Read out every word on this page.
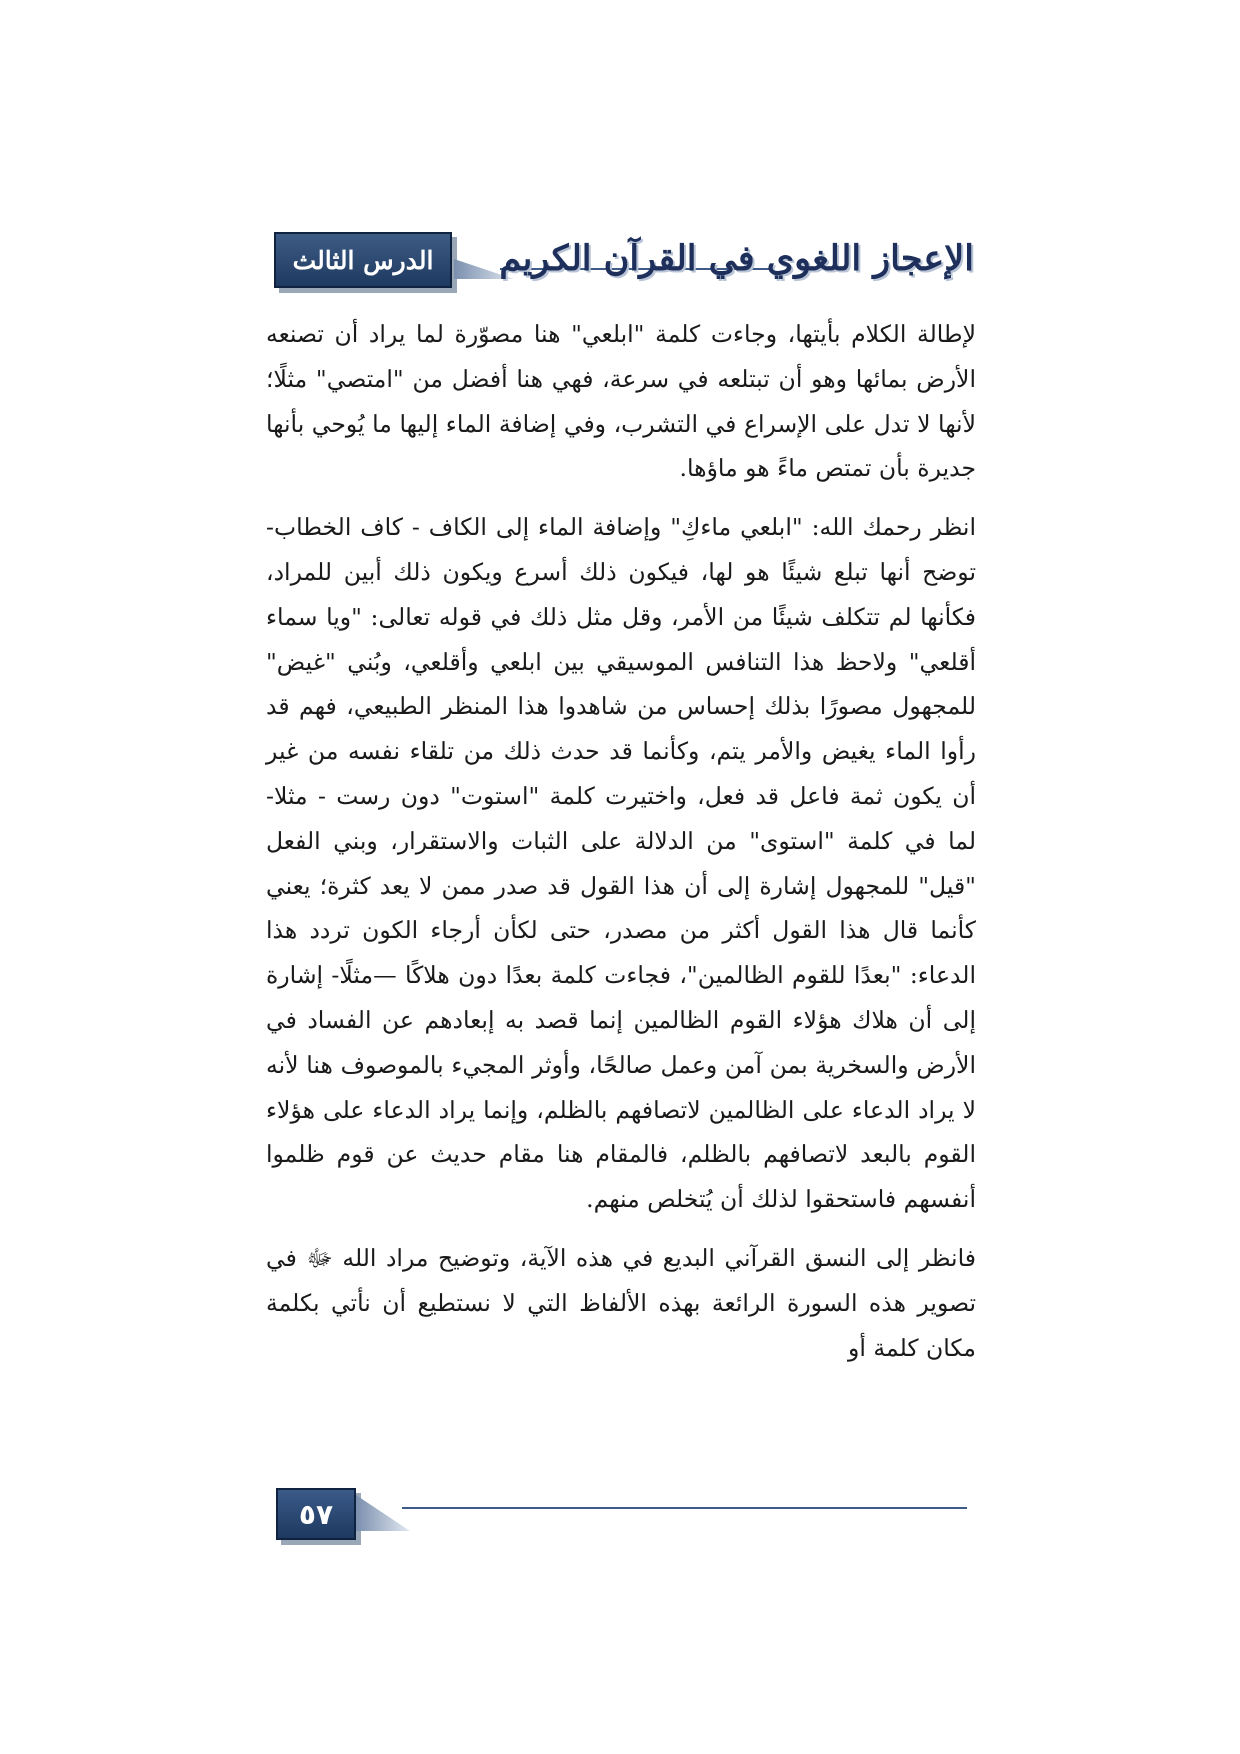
الدرس الثالث	الإعجاز اللغوي في القرآن الكريم

لإطالة الكلام بأيتها، وجاءت كلمة "ابلعي" هنا مصوّرة لما يراد أن تصنعه الأرض بمائها وهو أن تبتلعه في سرعة، فهي هنا أفضل من "امتصي" مثلًا؛ لأنها لا تدل على الإسراع في التشرب، وفي إضافة الماء إليها ما يُوحي بأنها جديرة بأن تمتص ماءً هو ماؤها.

انظر رحمك الله: "ابلعي ماءكِ" وإضافة الماء إلى الكاف - كاف الخطاب- توضح أنها تبلع شيئًا هو لها، فيكون ذلك أسرع ويكون ذلك أبين للمراد، فكأنها لم تتكلف شيئًا من الأمر، وقل مثل ذلك في قوله تعالى: "ويا سماء أقلعي" ولاحظ هذا التنافس الموسيقي بين ابلعي وأقلعي، وبُني "غيض" للمجهول مصورًا بذلك إحساس من شاهدوا هذا المنظر الطبيعي، فهم قد رأوا الماء يغيض والأمر يتم، وكأنما قد حدث ذلك من تلقاء نفسه من غير أن يكون ثمة فاعل قد فعل، واختيرت كلمة "استوت" دون رست - مثلا- لما في كلمة "استوى" من الدلالة على الثبات والاستقرار، وبني الفعل "قيل" للمجهول إشارة إلى أن هذا القول قد صدر ممن لا يعد كثرة؛ يعني كأنما قال هذا القول أكثر من مصدر، حتى لكأن أرجاء الكون تردد هذا الدعاء: "بعدًا للقوم الظالمين"، فجاءت كلمة بعدًا دون هلاكًا —مثلًا- إشارة إلى أن هلاك هؤلاء القوم الظالمين إنما قصد به إبعادهم عن الفساد في الأرض والسخرية بمن آمن وعمل صالحًا، وأوثر المجيء بالموصوف هنا لأنه لا يراد الدعاء على الظالمين لاتصافهم بالظلم، وإنما يراد الدعاء على هؤلاء القوم بالبعد لاتصافهم بالظلم، فالمقام هنا مقام حديث عن قوم ظلموا أنفسهم فاستحقوا لذلك أن يُتخلص منهم.

فانظر إلى النسق القرآني البديع في هذه الآية، وتوضيح مراد الله ﷻ في تصوير هذه السورة الرائعة بهذه الألفاظ التي لا نستطيع أن نأتي بكلمة مكان كلمة أو

٥٧
